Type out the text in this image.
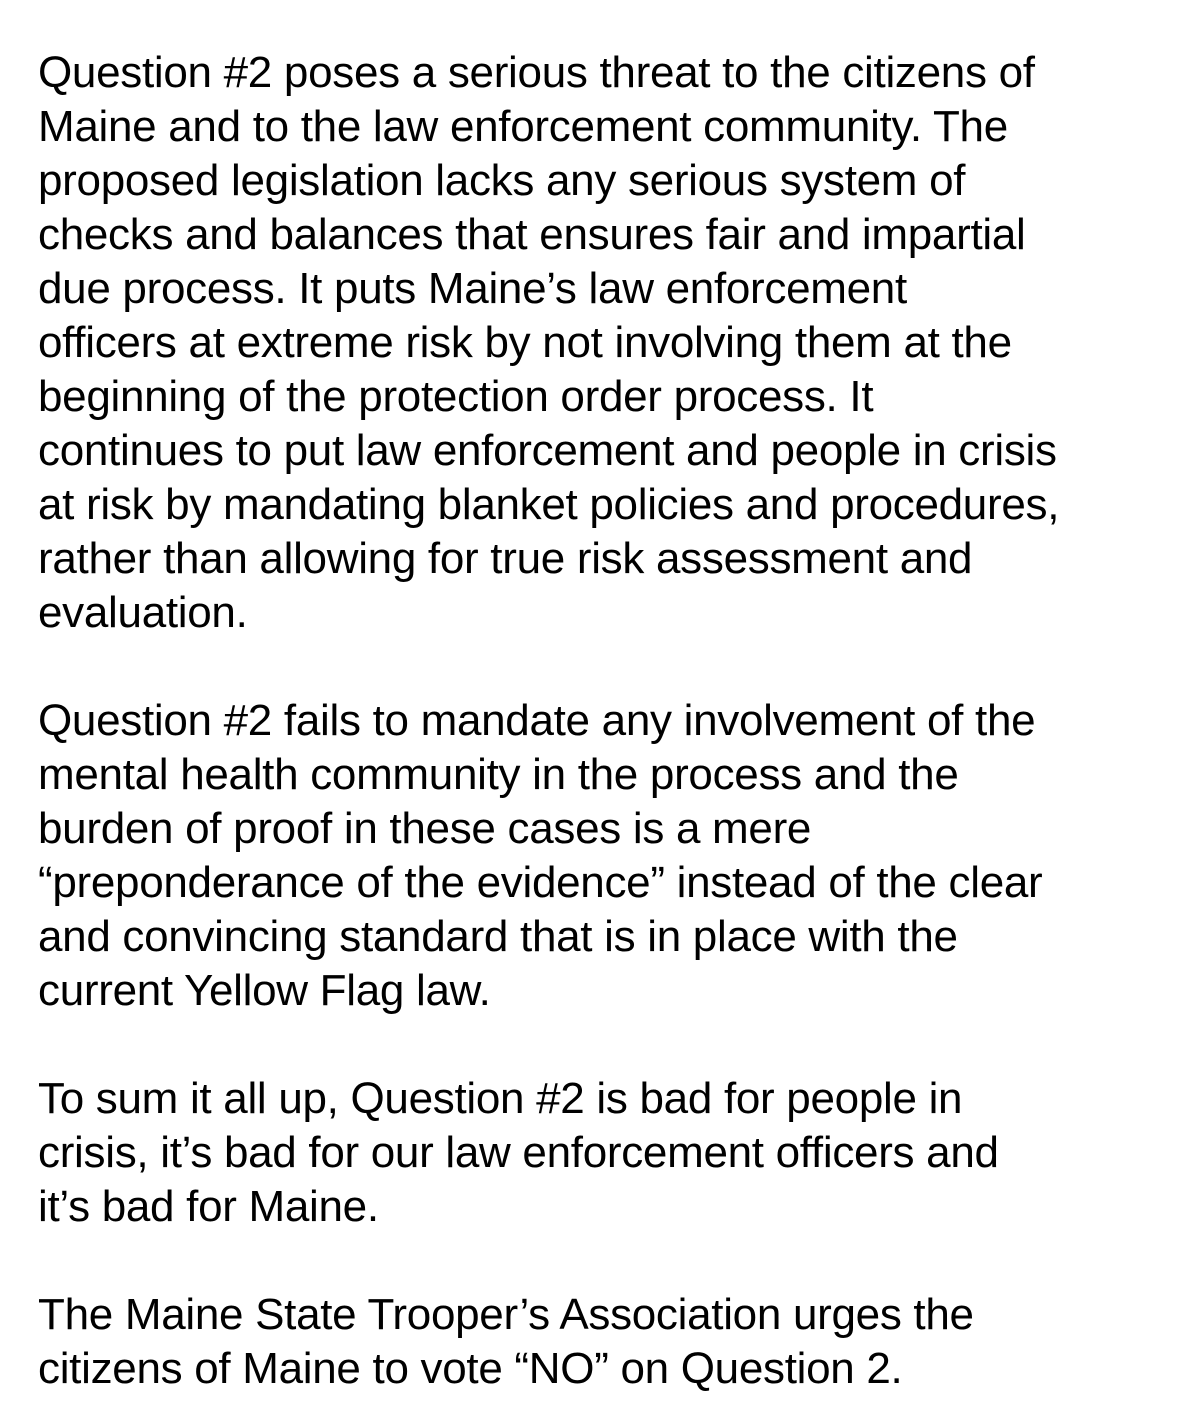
Question #2 poses a serious threat to the citizens of
Maine and to the law enforcement community. The
proposed legislation lacks any serious system of
checks and balances that ensures fair and impartial
due process. It puts Maine’s law enforcement
officers at extreme risk by not involving them at the
beginning of the protection order process. It
continues to put law enforcement and people in crisis
at risk by mandating blanket policies and procedures,
rather than allowing for true risk assessment and
evaluation.

Question #2 fails to mandate any involvement of the
mental health community in the process and the
burden of proof in these cases is a mere
“preponderance of the evidence” instead of the clear
and convincing standard that is in place with the
current Yellow Flag law.

To sum it all up, Question #2 is bad for people in
crisis, it’s bad for our law enforcement officers and
it’s bad for Maine.

The Maine State Trooper’s Association urges the
citizens of Maine to vote “NO” on Question 2.
